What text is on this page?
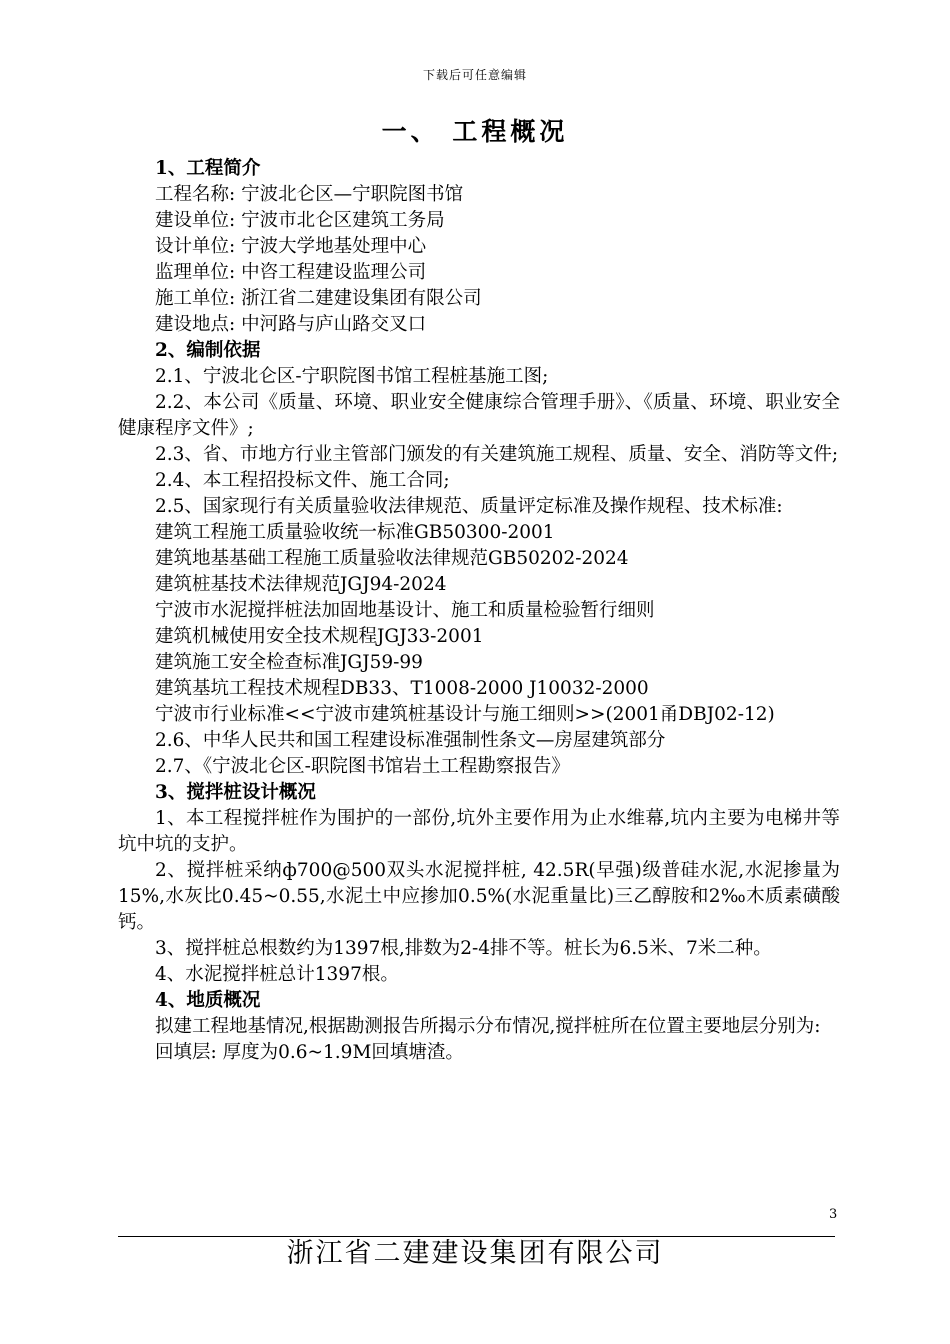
下载后可任意编辑
一、 工程概况

1、工程简介

工程名称: 宁波北仑区—宁职院图书馆

建设单位: 宁波市北仑区建筑工务局

设计单位: 宁波大学地基处理中心

监理单位: 中咨工程建设监理公司

施工单位: 浙江省二建建设集团有限公司

建设地点: 中河路与庐山路交叉口

2、编制依据

2.1、宁波北仑区-宁职院图书馆工程桩基施工图;

2.2、本公司《质量、环境、职业安全健康综合管理手册》、《质量、环境、职业安全健康程序文件》;

2.3、省、市地方行业主管部门颁发的有关建筑施工规程、质量、安全、消防等文件;

2.4、本工程招投标文件、施工合同;

2.5、国家现行有关质量验收法律规范、质量评定标准及操作规程、技术标准:

建筑工程施工质量验收统一标准GB50300-2001

建筑地基基础工程施工质量验收法律规范GB50202-2024

建筑桩基技术法律规范JGJ94-2024

宁波市水泥搅拌桩法加固地基设计、施工和质量检验暂行细则

建筑机械使用安全技术规程JGJ33-2001

建筑施工安全检查标准JGJ59-99

建筑基坑工程技术规程DB33、T1008-2000 J10032-2000

宁波市行业标准<<宁波市建筑桩基设计与施工细则>>(2001甬DBJ02-12)

2.6、中华人民共和国工程建设标准强制性条文—房屋建筑部分

2.7、《宁波北仑区-职院图书馆岩土工程勘察报告》

3、搅拌桩设计概况

1、本工程搅拌桩作为围护的一部份,坑外主要作用为止水维幕,坑内主要为电梯井等坑中坑的支护。

2、搅拌桩采纳ф700@500双头水泥搅拌桩, 42.5R(早强)级普硅水泥,水泥掺量为15%,水灰比0.45~0.55,水泥土中应掺加0.5%(水泥重量比)三乙醇胺和2‰木质素磺酸钙。

3、搅拌桩总根数约为1397根,排数为2-4排不等。桩长为6.5米、7米二种。

4、水泥搅拌桩总计1397根。

4、地质概况

拟建工程地基情况,根据勘测报告所揭示分布情况,搅拌桩所在位置主要地层分别为:

回填层: 厚度为0.6~1.9M回填塘渣。

3
浙江省二建建设集团有限公司
